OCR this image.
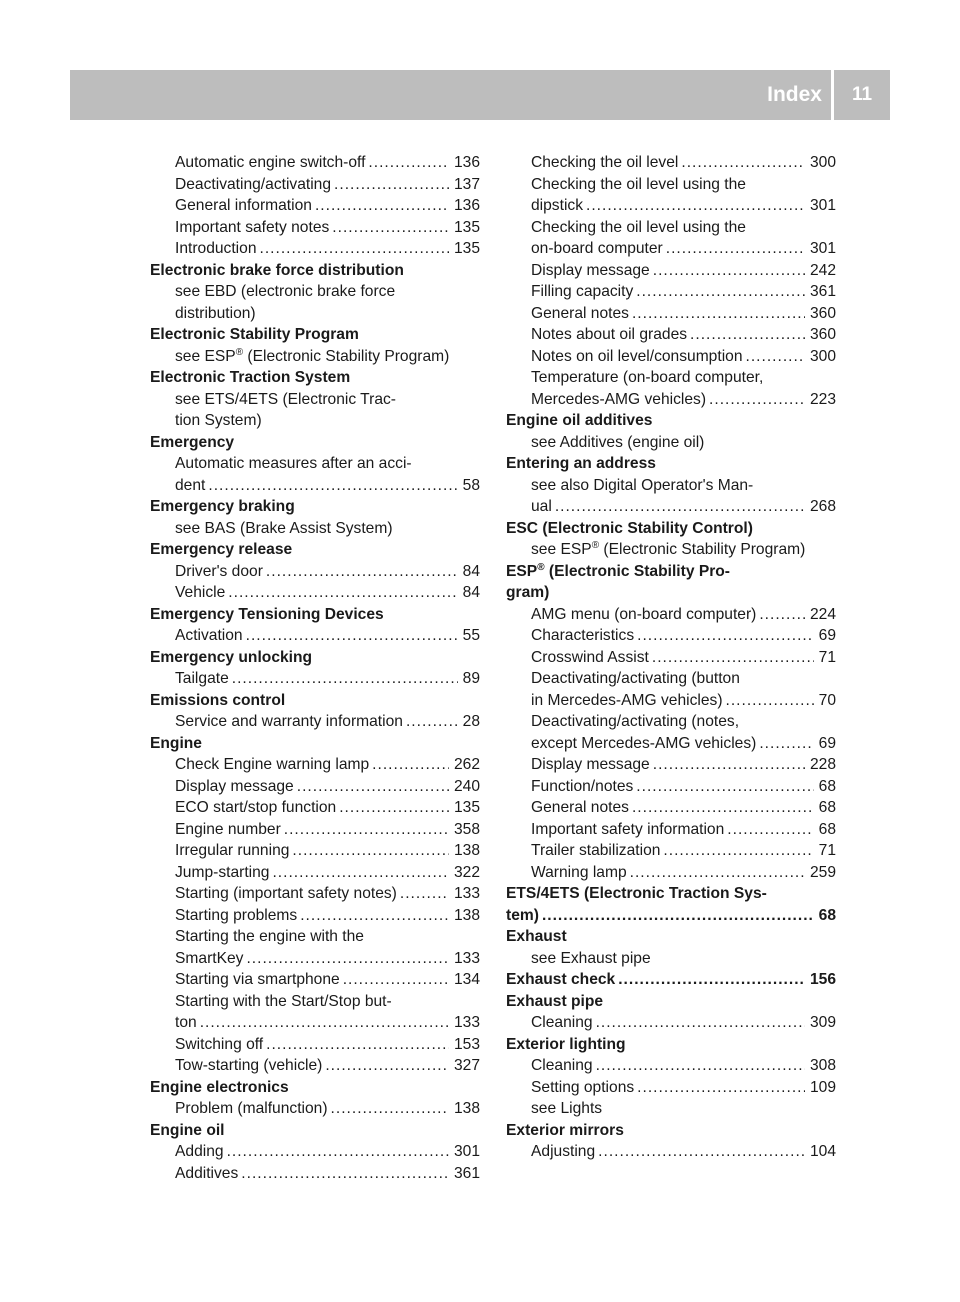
Index	11
Automatic engine switch-off .....	136
Deactivating/activating .....	137
General information .....	136
Important safety notes .....	135
Introduction .....	135
Electronic brake force distribution
see EBD (electronic brake force
distribution)
Electronic Stability Program
see ESP® (Electronic Stability Program)
Electronic Traction System
see ETS/4ETS (Electronic Trac-
tion System)
Emergency
Automatic measures after an acci-
dent .....	58
Emergency braking
see BAS (Brake Assist System)
Emergency release
Driver's door .....	84
Vehicle .....	84
Emergency Tensioning Devices
Activation .....	55
Emergency unlocking
Tailgate .....	89
Emissions control
Service and warranty information .....	28
Engine
Check Engine warning lamp .....	262
Display message .....	240
ECO start/stop function .....	135
Engine number .....	358
Irregular running .....	138
Jump-starting .....	322
Starting (important safety notes) .....	133
Starting problems .....	138
Starting the engine with the
SmartKey .....	133
Starting via smartphone .....	134
Starting with the Start/Stop but-
ton .....	133
Switching off .....	153
Tow-starting (vehicle) .....	327
Engine electronics
Problem (malfunction) .....	138
Engine oil
Adding .....	301
Additives .....	361
Checking the oil level .....	300
Checking the oil level using the
dipstick .....	301
Checking the oil level using the
on-board computer .....	301
Display message .....	242
Filling capacity .....	361
General notes .....	360
Notes about oil grades .....	360
Notes on oil level/consumption .....	300
Temperature (on-board computer,
Mercedes-AMG vehicles) .....	223
Engine oil additives
see Additives (engine oil)
Entering an address
see also Digital Operator's Man-
ual .....	268
ESC (Electronic Stability Control)
see ESP® (Electronic Stability Program)
ESP® (Electronic Stability Pro-
gram)
AMG menu (on-board computer) .....	224
Characteristics .....	69
Crosswind Assist .....	71
Deactivating/activating (button
in Mercedes-AMG vehicles) .....	70
Deactivating/activating (notes,
except Mercedes-AMG vehicles) .....	69
Display message .....	228
Function/notes .....	68
General notes .....	68
Important safety information .....	68
Trailer stabilization .....	71
Warning lamp .....	259
ETS/4ETS (Electronic Traction Sys-
tem) .....	68
Exhaust
see Exhaust pipe
Exhaust check .....	156
Exhaust pipe
Cleaning .....	309
Exterior lighting
Cleaning .....	308
Setting options .....	109
see Lights
Exterior mirrors
Adjusting .....	104
